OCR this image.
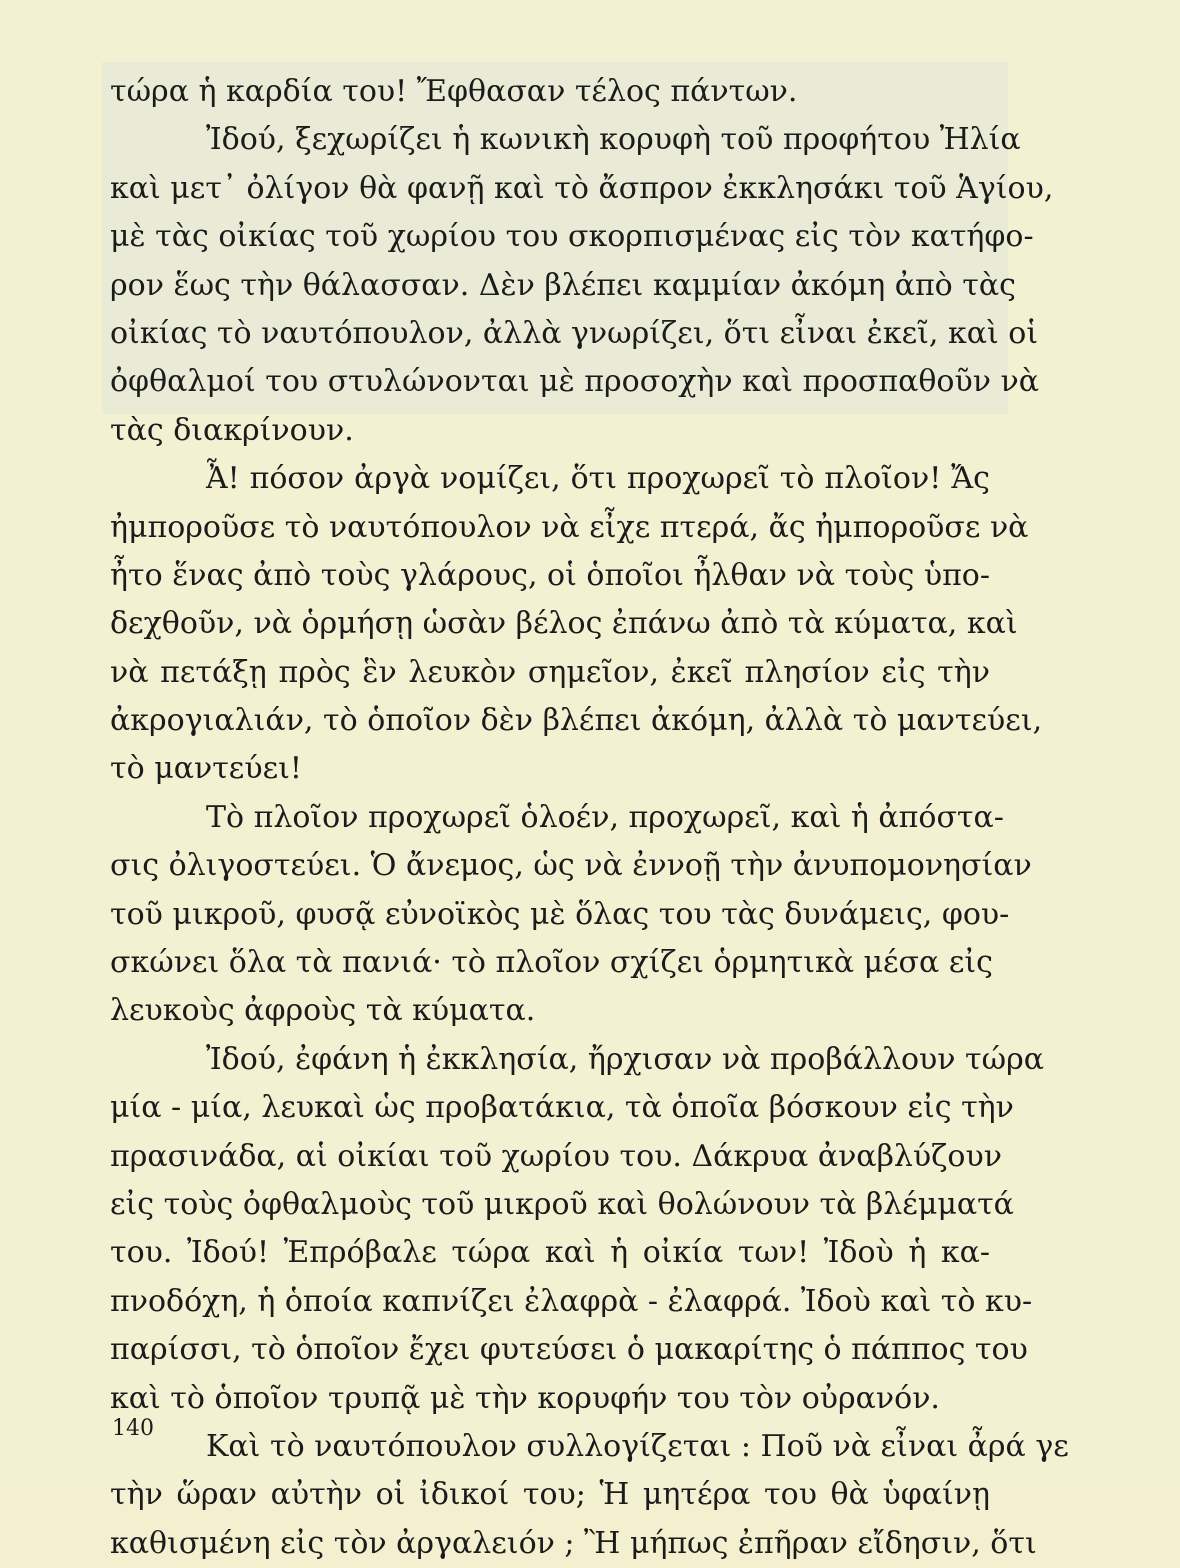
τώρα ἡ καρδία του! Ἔφθασαν τέλος πάντων.
Ἰδού, ξεχωρίζει ἡ κωνικὴ κορυφὴ τοῦ προφήτου Ἠλία
καὶ μετ᾽ ὀλίγον θὰ φανῇ καὶ τὸ ἄσπρον ἐκκλησάκι τοῦ Ἁγίου,
μὲ τὰς οἰκίας τοῦ χωρίου του σκορπισμένας εἰς τὸν κατήφο-
ρον ἕως τὴν θάλασσαν. Δὲν βλέπει καμμίαν ἀκόμη ἀπὸ τὰς
οἰκίας τὸ ναυτόπουλον, ἀλλὰ γνωρίζει, ὅτι εἶναι ἐκεῖ, καὶ οἱ
ὀφθαλμοί του στυλώνονται μὲ προσοχὴν καὶ προσπαθοῦν νὰ
τὰς διακρίνουν.
Ἆ! πόσον ἀργὰ νομίζει, ὅτι προχωρεῖ τὸ πλοῖον! Ἄς
ἠμποροῦσε τὸ ναυτόπουλον νὰ εἶχε πτερά, ἄς ἠμποροῦσε νὰ
ἦτο ἕνας ἀπὸ τοὺς γλάρους, οἱ ὁποῖοι ἦλθαν νὰ τοὺς ὑπο-
δεχθοῦν, νὰ ὁρμήσῃ ὡσὰν βέλος ἐπάνω ἀπὸ τὰ κύματα, καὶ
νὰ πετάξῃ πρὸς ἓν λευκὸν σημεῖον, ἐκεῖ πλησίον εἰς τὴν
ἀκρογιαλιάν, τὸ ὁποῖον δὲν βλέπει ἀκόμη, ἀλλὰ τὸ μαντεύει,
τὸ μαντεύει!
Τὸ πλοῖον προχωρεῖ ὁλοέν, προχωρεῖ, καὶ ἡ ἀπόστα-
σις ὀλιγοστεύει. Ὁ ἄνεμος, ὡς νὰ ἐννοῇ τὴν ἀνυπομονησίαν
τοῦ μικροῦ, φυσᾷ εὐνοϊκὸς μὲ ὅλας του τὰς δυνάμεις, φου-
σκώνει ὅλα τὰ πανιά· τὸ πλοῖον σχίζει ὁρμητικὰ μέσα εἰς
λευκοὺς ἀφροὺς τὰ κύματα.
Ἰδού, ἐφάνη ἡ ἐκκλησία, ἤρχισαν νὰ προβάλλουν τώρα
μία - μία, λευκαὶ ὡς προβατάκια, τὰ ὁποῖα βόσκουν εἰς τὴν
πρασινάδα, αἱ οἰκίαι τοῦ χωρίου του. Δάκρυα ἀναβλύζουν
εἰς τοὺς ὀφθαλμοὺς τοῦ μικροῦ καὶ θολώνουν τὰ βλέμματά
του. Ἰδού! Ἐπρόβαλε τώρα καὶ ἡ οἰκία των! Ἰδοὺ ἡ κα-
πνοδόχη, ἡ ὁποία καπνίζει ἐλαφρὰ - ἐλαφρά. Ἰδοὺ καὶ τὸ κυ-
παρίσσι, τὸ ὁποῖον ἔχει φυτεύσει ὁ μακαρίτης ὁ πάππος του
καὶ τὸ ὁποῖον τρυπᾷ μὲ τὴν κορυφήν του τὸν οὐρανόν.
Καὶ τὸ ναυτόπουλον συλλογίζεται : Ποῦ νὰ εἶναι ἆρά γε
τὴν ὥραν αὐτὴν οἱ ἰδικοί του; Ἡ μητέρα του θὰ ὑφαίνῃ
καθισμένη εἰς τὸν ἀργαλειόν ; Ἢ μήπως ἐπῆραν εἴδησιν, ὅτι
140
